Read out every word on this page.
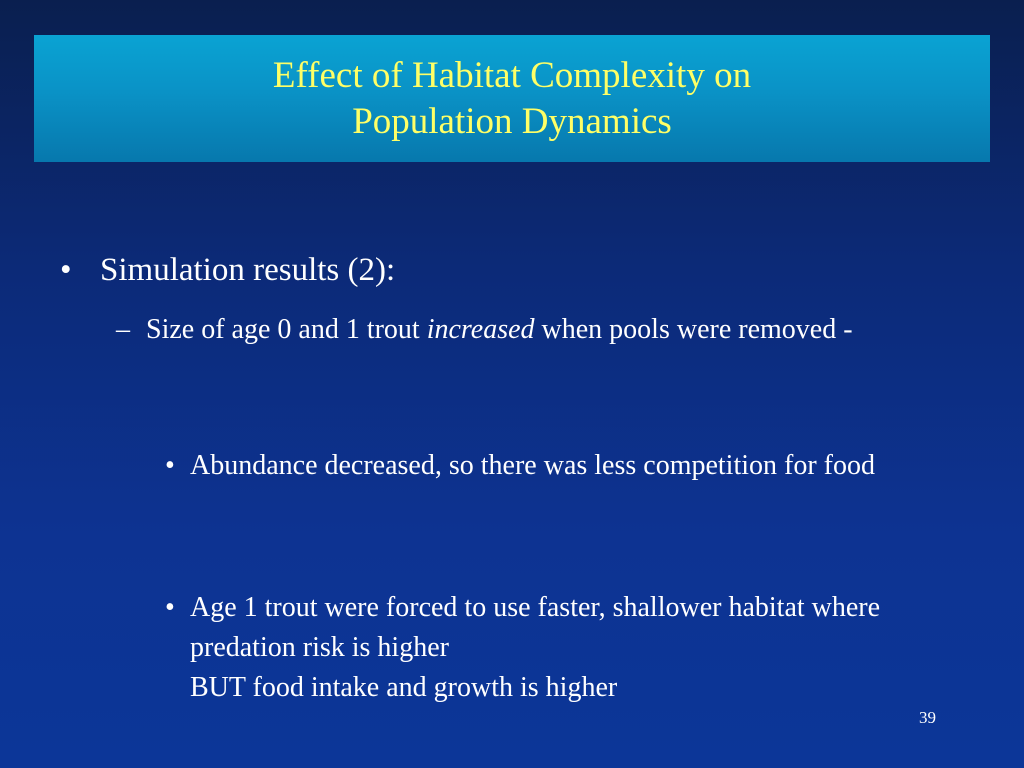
Effect of Habitat Complexity on
Population Dynamics
• Simulation results (2):
– Size of age 0 and 1 trout increased when pools were removed -
• Abundance decreased, so there was less competition for food
• Age 1 trout were forced to use faster, shallower habitat where predation risk is higher
BUT food intake and growth is higher
39
